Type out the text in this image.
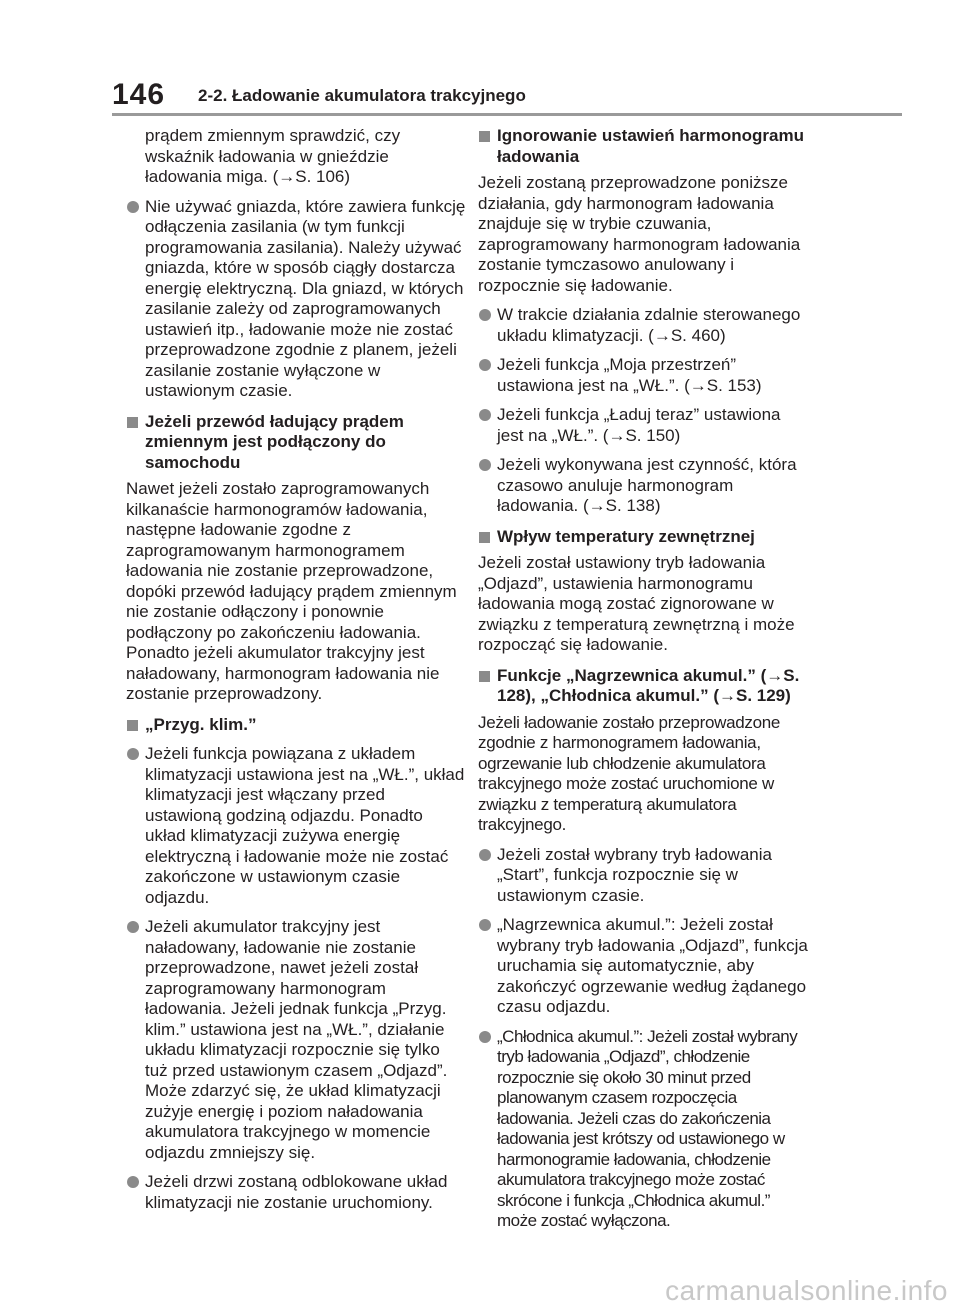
146 2-2. Ładowanie akumulatora trakcyjnego
prądem zmiennym sprawdzić, czy wskaźnik ładowania w gnieździe ładowania miga. (→S. 106)
Nie używać gniazda, które zawiera funkcję odłączenia zasilania (w tym funkcji programowania zasilania). Należy używać gniazda, które w sposób ciągły dostarcza energię elektryczną. Dla gniazd, w których zasilanie zależy od zaprogramowanych ustawień itp., ładowanie może nie zostać przeprowadzone zgodnie z planem, jeżeli zasilanie zostanie wyłączone w ustawionym czasie.
Jeżeli przewód ładujący prądem zmiennym jest podłączony do samochodu
Nawet jeżeli zostało zaprogramowanych kilkanaście harmonogramów ładowania, następne ładowanie zgodne z zaprogramowanym harmonogramem ładowania nie zostanie przeprowadzone, dopóki przewód ładujący prądem zmiennym nie zostanie odłączony i ponownie podłączony po zakończeniu ładowania. Ponadto jeżeli akumulator trakcyjny jest naładowany, harmonogram ładowania nie zostanie przeprowadzony.
„Przyg. klim.”
Jeżeli funkcja powiązana z układem klimatyzacji ustawiona jest na „WŁ.”, układ klimatyzacji jest włączany przed ustawioną godziną odjazdu. Ponadto układ klimatyzacji zużywa energię elektryczną i ładowanie może nie zostać zakończone w ustawionym czasie odjazdu.
Jeżeli akumulator trakcyjny jest naładowany, ładowanie nie zostanie przeprowadzone, nawet jeżeli został zaprogramowany harmonogram ładowania. Jeżeli jednak funkcja „Przyg. klim.” ustawiona jest na „WŁ.”, działanie układu klimatyzacji rozpocznie się tylko tuż przed ustawionym czasem „Odjazd”. Może zdarzyć się, że układ klimatyzacji zużyje energię i poziom naładowania akumulatora trakcyjnego w momencie odjazdu zmniejszy się.
Jeżeli drzwi zostaną odblokowane układ klimatyzacji nie zostanie uruchomiony.
Ignorowanie ustawień harmonogramu ładowania
Jeżeli zostaną przeprowadzone poniższe działania, gdy harmonogram ładowania znajduje się w trybie czuwania, zaprogramowany harmonogram ładowania zostanie tymczasowo anulowany i rozpocznie się ładowanie.
W trakcie działania zdalnie sterowanego układu klimatyzacji. (→S. 460)
Jeżeli funkcja „Moja przestrzeń” ustawiona jest na „WŁ.”. (→S. 153)
Jeżeli funkcja „Ładuj teraz” ustawiona jest na „WŁ.”. (→S. 150)
Jeżeli wykonywana jest czynność, która czasowo anuluje harmonogram ładowania. (→S. 138)
Wpływ temperatury zewnętrznej
Jeżeli został ustawiony tryb ładowania „Odjazd”, ustawienia harmonogramu ładowania mogą zostać zignorowane w związku z temperaturą zewnętrzną i może rozpocząć się ładowanie.
Funkcje „Nagrzewnica akumul.” (→S. 128), „Chłodnica akumul.” (→S. 129)
Jeżeli ładowanie zostało przeprowadzone zgodnie z harmonogramem ładowania, ogrzewanie lub chłodzenie akumulatora trakcyjnego może zostać uruchomione w związku z temperaturą akumulatora trakcyjnego.
Jeżeli został wybrany tryb ładowania „Start”, funkcja rozpocznie się w ustawionym czasie.
„Nagrzewnica akumul.”: Jeżeli został wybrany tryb ładowania „Odjazd”, funkcja uruchamia się automatycznie, aby zakończyć ogrzewanie według żądanego czasu odjazdu.
„Chłodnica akumul.”: Jeżeli został wybrany tryb ładowania „Odjazd”, chłodzenie rozpocznie się około 30 minut przed planowanym czasem rozpoczęcia ładowania. Jeżeli czas do zakończenia ładowania jest krótszy od ustawionego w harmonogramie ładowania, chłodzenie akumulatora trakcyjnego może zostać skrócone i funkcja „Chłodnica akumul.” może zostać wyłączona.
carmanualsonline.info
